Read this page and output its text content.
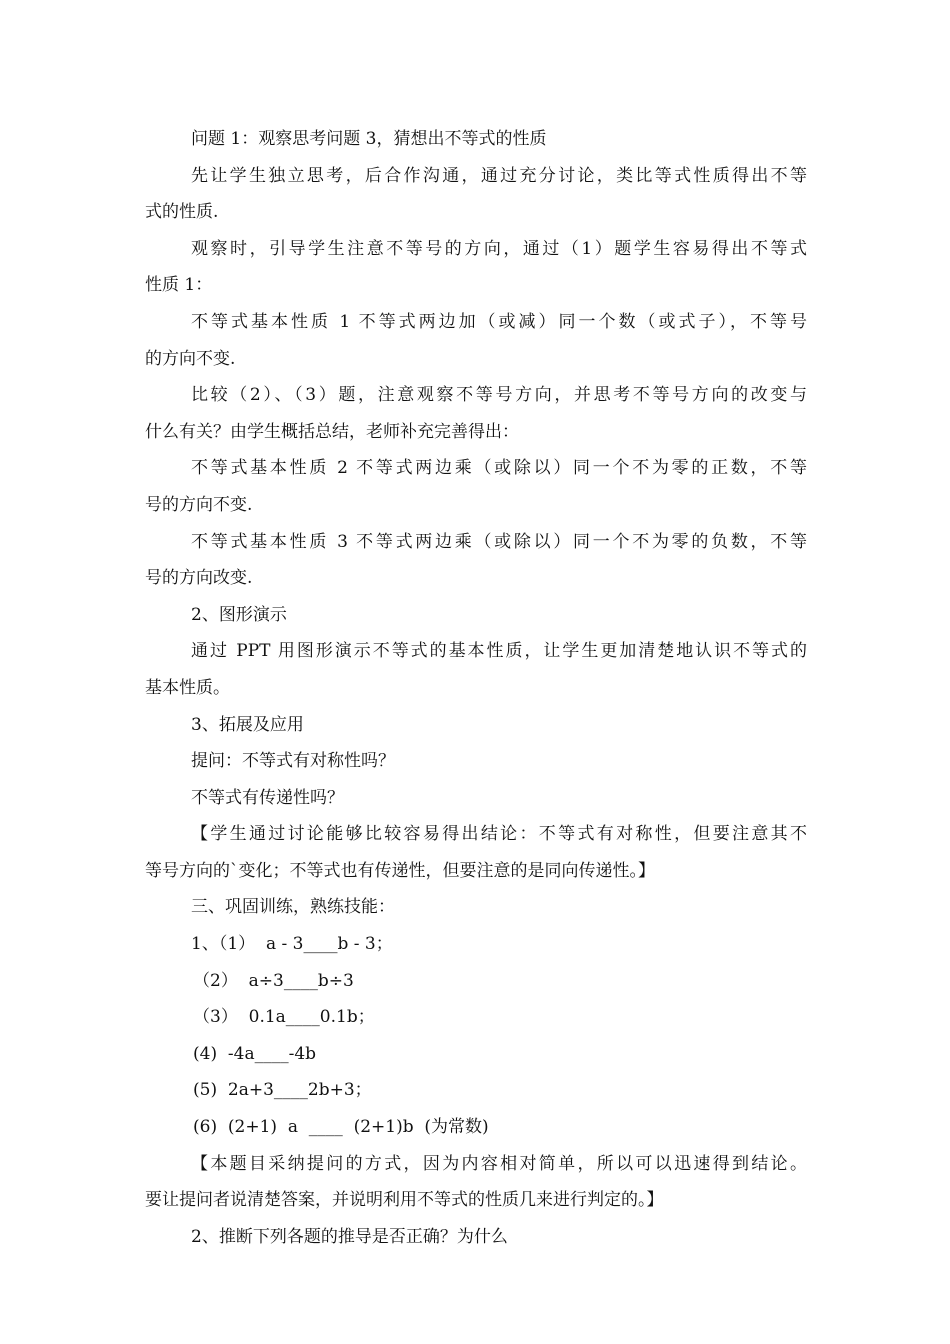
问题 1：观察思考问题 3，猜想出不等式的性质
先让学生独立思考，后合作沟通，通过充分讨论，类比等式性质得出不等
式的性质.
观察时，引导学生注意不等号的方向，通过（1）题学生容易得出不等式
性质 1：
不等式基本性质 1 不等式两边加（或减）同一个数（或式子），不等号
的方向不变.
比较（2）、（3）题，注意观察不等号方向，并思考不等号方向的改变与
什么有关？由学生概括总结，老师补充完善得出：
不等式基本性质 2 不等式两边乘（或除以）同一个不为零的正数，不等
号的方向不变.
不等式基本性质 3 不等式两边乘（或除以）同一个不为零的负数，不等
号的方向改变.
2、图形演示
通过 PPT 用图形演示不等式的基本性质，让学生更加清楚地认识不等式的
基本性质。
3、拓展及应用
提问：不等式有对称性吗？
不等式有传递性吗？
【学生通过讨论能够比较容易得出结论：不等式有对称性，但要注意其不
等号方向的`变化；不等式也有传递性，但要注意的是同向传递性。】
三、巩固训练，熟练技能：
1、（1）  a - 3____b - 3；
（2）  a÷3____b÷3
（3）  0.1a____0.1b；
(4)  -4a____-4b
(5)  2a+3____2b+3；
(6)  (2+1)  a  ____  (2+1)b  (为常数)
【本题目采纳提问的方式，因为内容相对简单，所以可以迅速得到结论。
要让提问者说清楚答案，并说明利用不等式的性质几来进行判定的。】
2、推断下列各题的推导是否正确？为什么
